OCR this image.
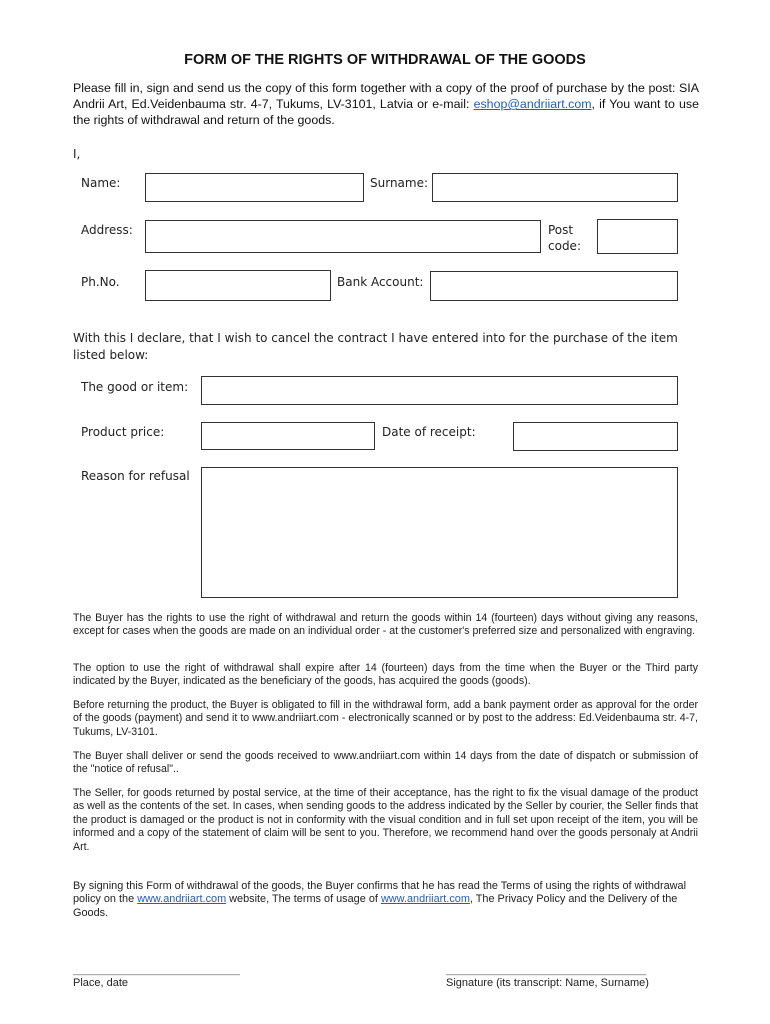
FORM OF THE RIGHTS OF WITHDRAWAL OF THE GOODS
Please fill in, sign and send us the copy of this form together with a copy of the proof of purchase by the post: SIA Andrii Art, Ed.Veidenbauma str. 4-7, Tukums, LV-3101, Latvia or e-mail: eshop@andriiart.com, if You want to use the rights of withdrawal and return of the goods.
I,
Name:	Surname:
Address:	Post
code:
Ph.No.	Bank Account:
With this I declare, that I wish to cancel the contract I have entered into for the purchase of the item listed below:
The good or item:
Product price:	Date of receipt:
Reason for refusal
The Buyer has the rights to use the right of withdrawal and return the goods within 14 (fourteen) days without giving any reasons, except for cases when the goods are made on an individual order - at the customer's preferred size and personalized with engraving.
The option to use the right of withdrawal shall expire after 14 (fourteen) days from the time when the Buyer or the Third party indicated by the Buyer, indicated as the beneficiary of the goods, has acquired the goods (goods).
Before returning the product, the Buyer is obligated to fill in the withdrawal form, add a bank payment order as approval for the order of the goods (payment) and send it to www.andriiart.com - electronically scanned or by post to the address: Ed.Veidenbauma str. 4-7, Tukums, LV-3101.
The Buyer shall deliver or send the goods received to www.andriiart.com within 14 days from the date of dispatch or submission of the "notice of refusal"..
The Seller, for goods returned by postal service, at the time of their acceptance, has the right to fix the visual damage of the product as well as the contents of the set. In cases, when sending goods to the address indicated by the Seller by courier, the Seller finds that the product is damaged or the product is not in conformity with the visual condition and in full set upon receipt of the item, you will be informed and a copy of the statement of claim will be sent to you. Therefore, we recommend hand over the goods personaly at Andrii Art.
By signing this Form of withdrawal of the goods, the Buyer confirms that he has read the Terms of using the rights of withdrawal policy on the www.andriiart.com website, The terms of usage of www.andriiart.com, The Privacy Policy and the Delivery of the Goods.
______________________________
Place, date
____________________________________
Signature (its transcript: Name, Surname)
